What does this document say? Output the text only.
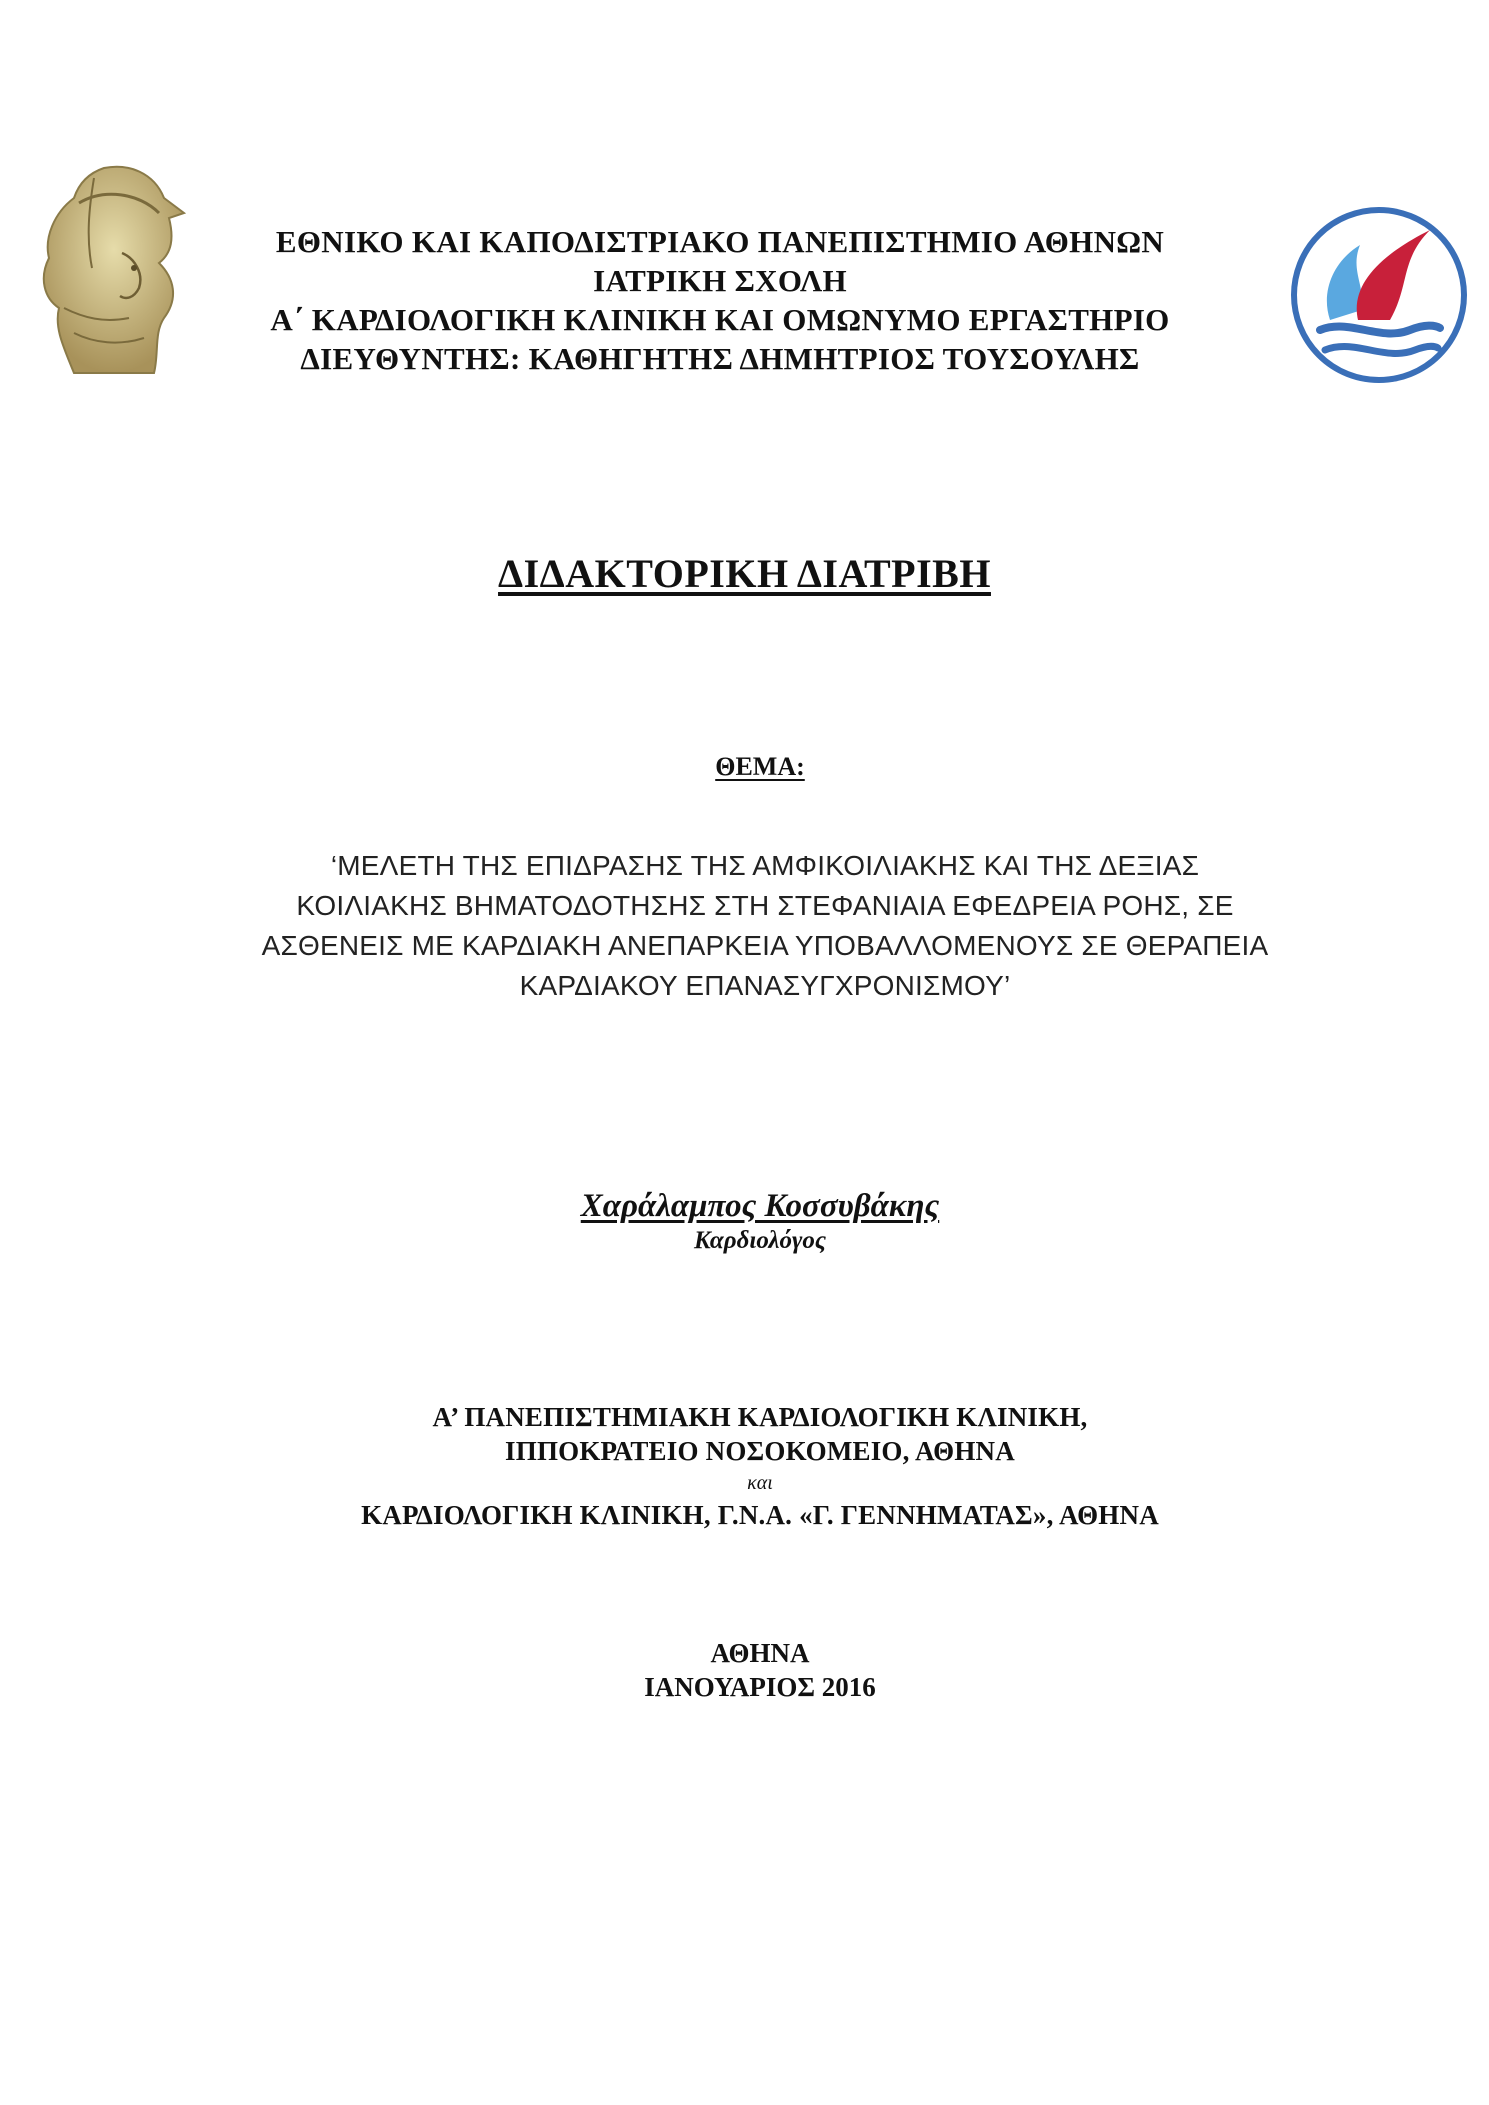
ΕΘΝΙΚΟ ΚΑΙ ΚΑΠΟΔΙΣΤΡΙΑΚΟ ΠΑΝΕΠΙΣΤΗΜΙΟ ΑΘΗΝΩΝ
ΙΑΤΡΙΚΗ ΣΧΟΛΗ
Α΄ ΚΑΡΔΙΟΛΟΓΙΚΗ ΚΛΙΝΙΚΗ ΚΑΙ ΟΜΩΝΥΜΟ ΕΡΓΑΣΤΗΡΙΟ
ΔΙΕΥΘΥΝΤΗΣ: ΚΑΘΗΓΗΤΗΣ ΔΗΜΗΤΡΙΟΣ ΤΟΥΣΟΥΛΗΣ
ΔΙΔΑΚΤΟΡΙΚΗ ΔΙΑΤΡΙΒΗ
ΘΕΜΑ:
‘ΜΕΛΕΤΗ ΤΗΣ ΕΠΙΔΡΑΣΗΣ ΤΗΣ ΑΜΦΙΚΟΙΛΙΑΚΗΣ ΚΑΙ ΤΗΣ ΔΕΞΙΑΣ
ΚΟΙΛΙΑΚΗΣ ΒΗΜΑΤΟΔΟΤΗΣΗΣ ΣΤΗ ΣΤΕΦΑΝΙΑΙΑ ΕΦΕΔΡΕΙΑ ΡΟΗΣ, ΣΕ
ΑΣΘΕΝΕΙΣ ΜΕ ΚΑΡΔΙΑΚΗ ΑΝΕΠΑΡΚΕΙΑ ΥΠΟΒΑΛΛΟΜΕΝΟΥΣ ΣΕ ΘΕΡΑΠΕΙΑ
ΚΑΡΔΙΑΚΟΥ ΕΠΑΝΑΣΥΓΧΡΟΝΙΣΜΟΥ’
Χαράλαμπος Κοσσυβάκης
Καρδιολόγος
Α’ ΠΑΝΕΠΙΣΤΗΜΙΑΚΗ ΚΑΡΔΙΟΛΟΓΙΚΗ ΚΛΙΝΙΚΗ,
ΙΠΠΟΚΡΑΤΕΙΟ ΝΟΣΟΚΟΜΕΙΟ, ΑΘΗΝΑ
και
ΚΑΡΔΙΟΛΟΓΙΚΗ ΚΛΙΝΙΚΗ, Γ.Ν.Α. «Γ. ΓΕΝΝΗΜΑΤΑΣ», ΑΘΗΝΑ
ΑΘΗΝΑ
ΙΑΝΟΥΑΡΙΟΣ 2016
